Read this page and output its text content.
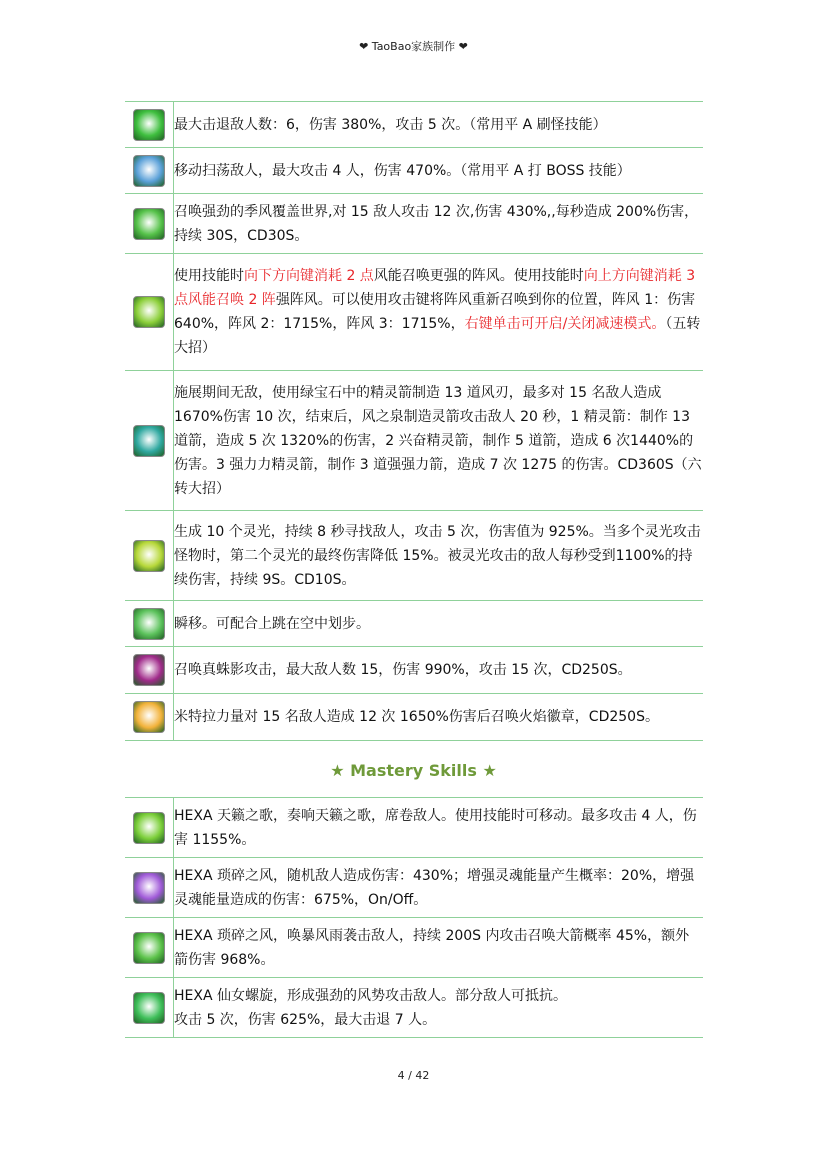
❤ TaoBao家族制作 ❤
	最大击退敌人数：6，伤害 380%，攻击 5 次。（常用平 A 刷怪技能）
	移动扫荡敌人，最大攻击 4 人，伤害 470%。（常用平 A 打 BOSS 技能）
	召唤强劲的季风覆盖世界,对 15 敌人攻击 12 次,伤害 430%,,每秒造成 200%伤害，持续 30S，CD30S。
	使用技能时向下方向键消耗 2 点风能召唤更强的阵风。使用技能时向上方向键消耗 3 点风能召唤 2 阵强阵风。可以使用攻击键将阵风重新召唤到你的位置，阵风 1：伤害 640%，阵风 2：1715%，阵风 3：1715%，右键单击可开启/关闭减速模式。（五转大招）
	施展期间无敌，使用绿宝石中的精灵箭制造 13 道风刃，最多对 15 名敌人造成1670%伤害 10 次，结束后，风之泉制造灵箭攻击敌人 20 秒，1 精灵箭：制作 13 道箭，造成 5 次 1320%的伤害，2 兴奋精灵箭，制作 5 道箭，造成 6 次1440%的伤害。3 强力力精灵箭，制作 3 道强强力箭，造成 7 次 1275 的伤害。CD360S（六转大招）
	生成 10 个灵光，持续 8 秒寻找敌人，攻击 5 次，伤害值为 925%。当多个灵光攻击怪物时，第二个灵光的最终伤害降低 15%。被灵光攻击的敌人每秒受到1100%的持续伤害，持续 9S。CD10S。
	瞬移。可配合上跳在空中划步。
	召唤真蛛影攻击，最大敌人数 15，伤害 990%，攻击 15 次，CD250S。
	米特拉力量对 15 名敌人造成 12 次 1650%伤害后召唤火焰徽章，CD250S。
★ Mastery Skills ★
	HEXA 天籁之歌，奏响天籁之歌，席卷敌人。使用技能时可移动。最多攻击 4 人，伤害 1155%。
	HEXA 琐碎之风，随机敌人造成伤害：430%；增强灵魂能量产生概率：20%，增强灵魂能量造成的伤害：675%，On/Off。
	HEXA 琐碎之风，唤暴风雨袭击敌人，持续 200S 内攻击召唤大箭概率 45%，额外箭伤害 968%。
	HEXA 仙女螺旋，形成强劲的风势攻击敌人。部分敌人可抵抗。
攻击 5 次，伤害 625%，最大击退 7 人。
4 / 42
